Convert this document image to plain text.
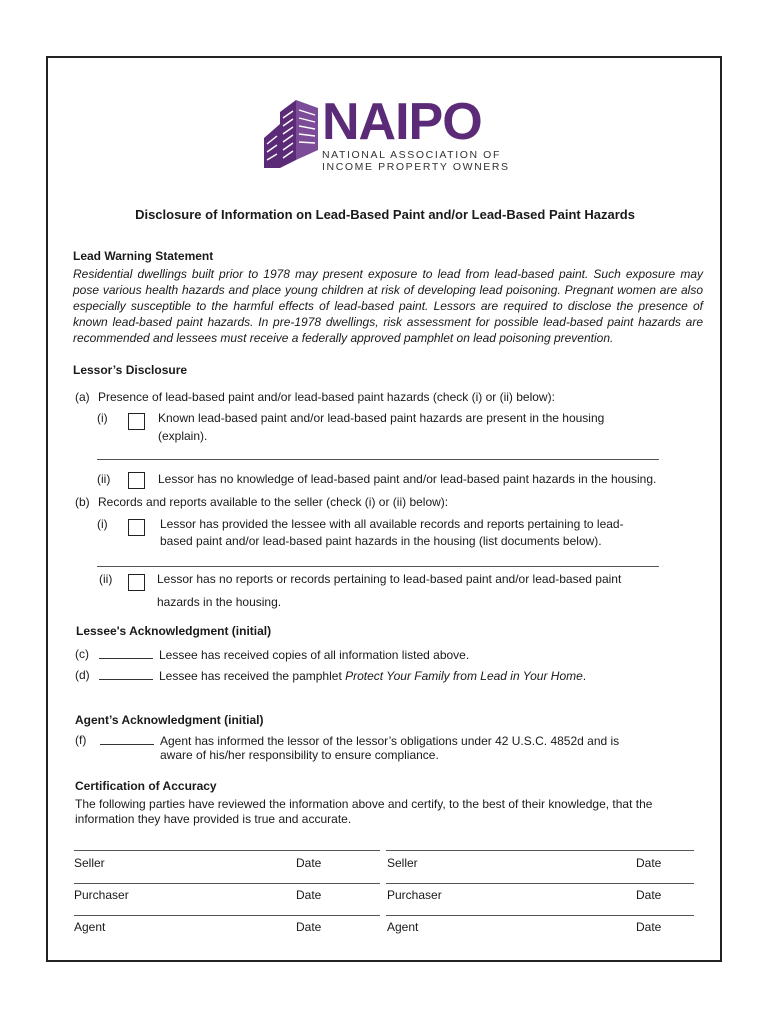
NAIPO
NATIONAL ASSOCIATION OF
INCOME PROPERTY OWNERS
Disclosure of Information on Lead-Based Paint and/or Lead-Based Paint Hazards
Lead Warning Statement
Residential dwellings built prior to 1978 may present exposure to lead from lead-based paint. Such exposure may pose various health hazards and place young children at risk of developing lead poisoning. Pregnant women are also especially susceptible to the harmful effects of lead-based paint. Lessors are required to disclose the presence of known lead-based paint hazards. In pre-1978 dwellings, risk assessment for possible lead-based paint hazards are recommended and lessees must receive a federally approved pamphlet on lead poisoning prevention.
Lessor’s Disclosure
(a) Presence of lead-based paint and/or lead-based paint hazards (check (i) or (ii) below):
(i)	Known lead-based paint and/or lead-based paint hazards are present in the housing
(explain).
(ii)	Lessor has no knowledge of lead-based paint and/or lead-based paint hazards in the housing.
(b) Records and reports available to the seller (check (i) or (ii) below):
(i)	Lessor has provided the lessee with all available records and reports pertaining to lead-
based paint and/or lead-based paint hazards in the housing (list documents below).
(ii)	Lessor has no reports or records pertaining to lead-based paint and/or lead-based paint
hazards in the housing.
Lessee's Acknowledgment (initial)
(c)	Lessee has received copies of all information listed above.
(d)	Lessee has received the pamphlet Protect Your Family from Lead in Your Home.
Agent’s Acknowledgment (initial)
(f)	Agent has informed the lessor of the lessor’s obligations under 42 U.S.C. 4852d and is
aware of his/her responsibility to ensure compliance.
Certification of Accuracy
The following parties have reviewed the information above and certify, to the best of their knowledge, that the
information they have provided is true and accurate.
Seller	Date	Seller	Date
Purchaser	Date	Purchaser	Date
Agent	Date	Agent	Date
